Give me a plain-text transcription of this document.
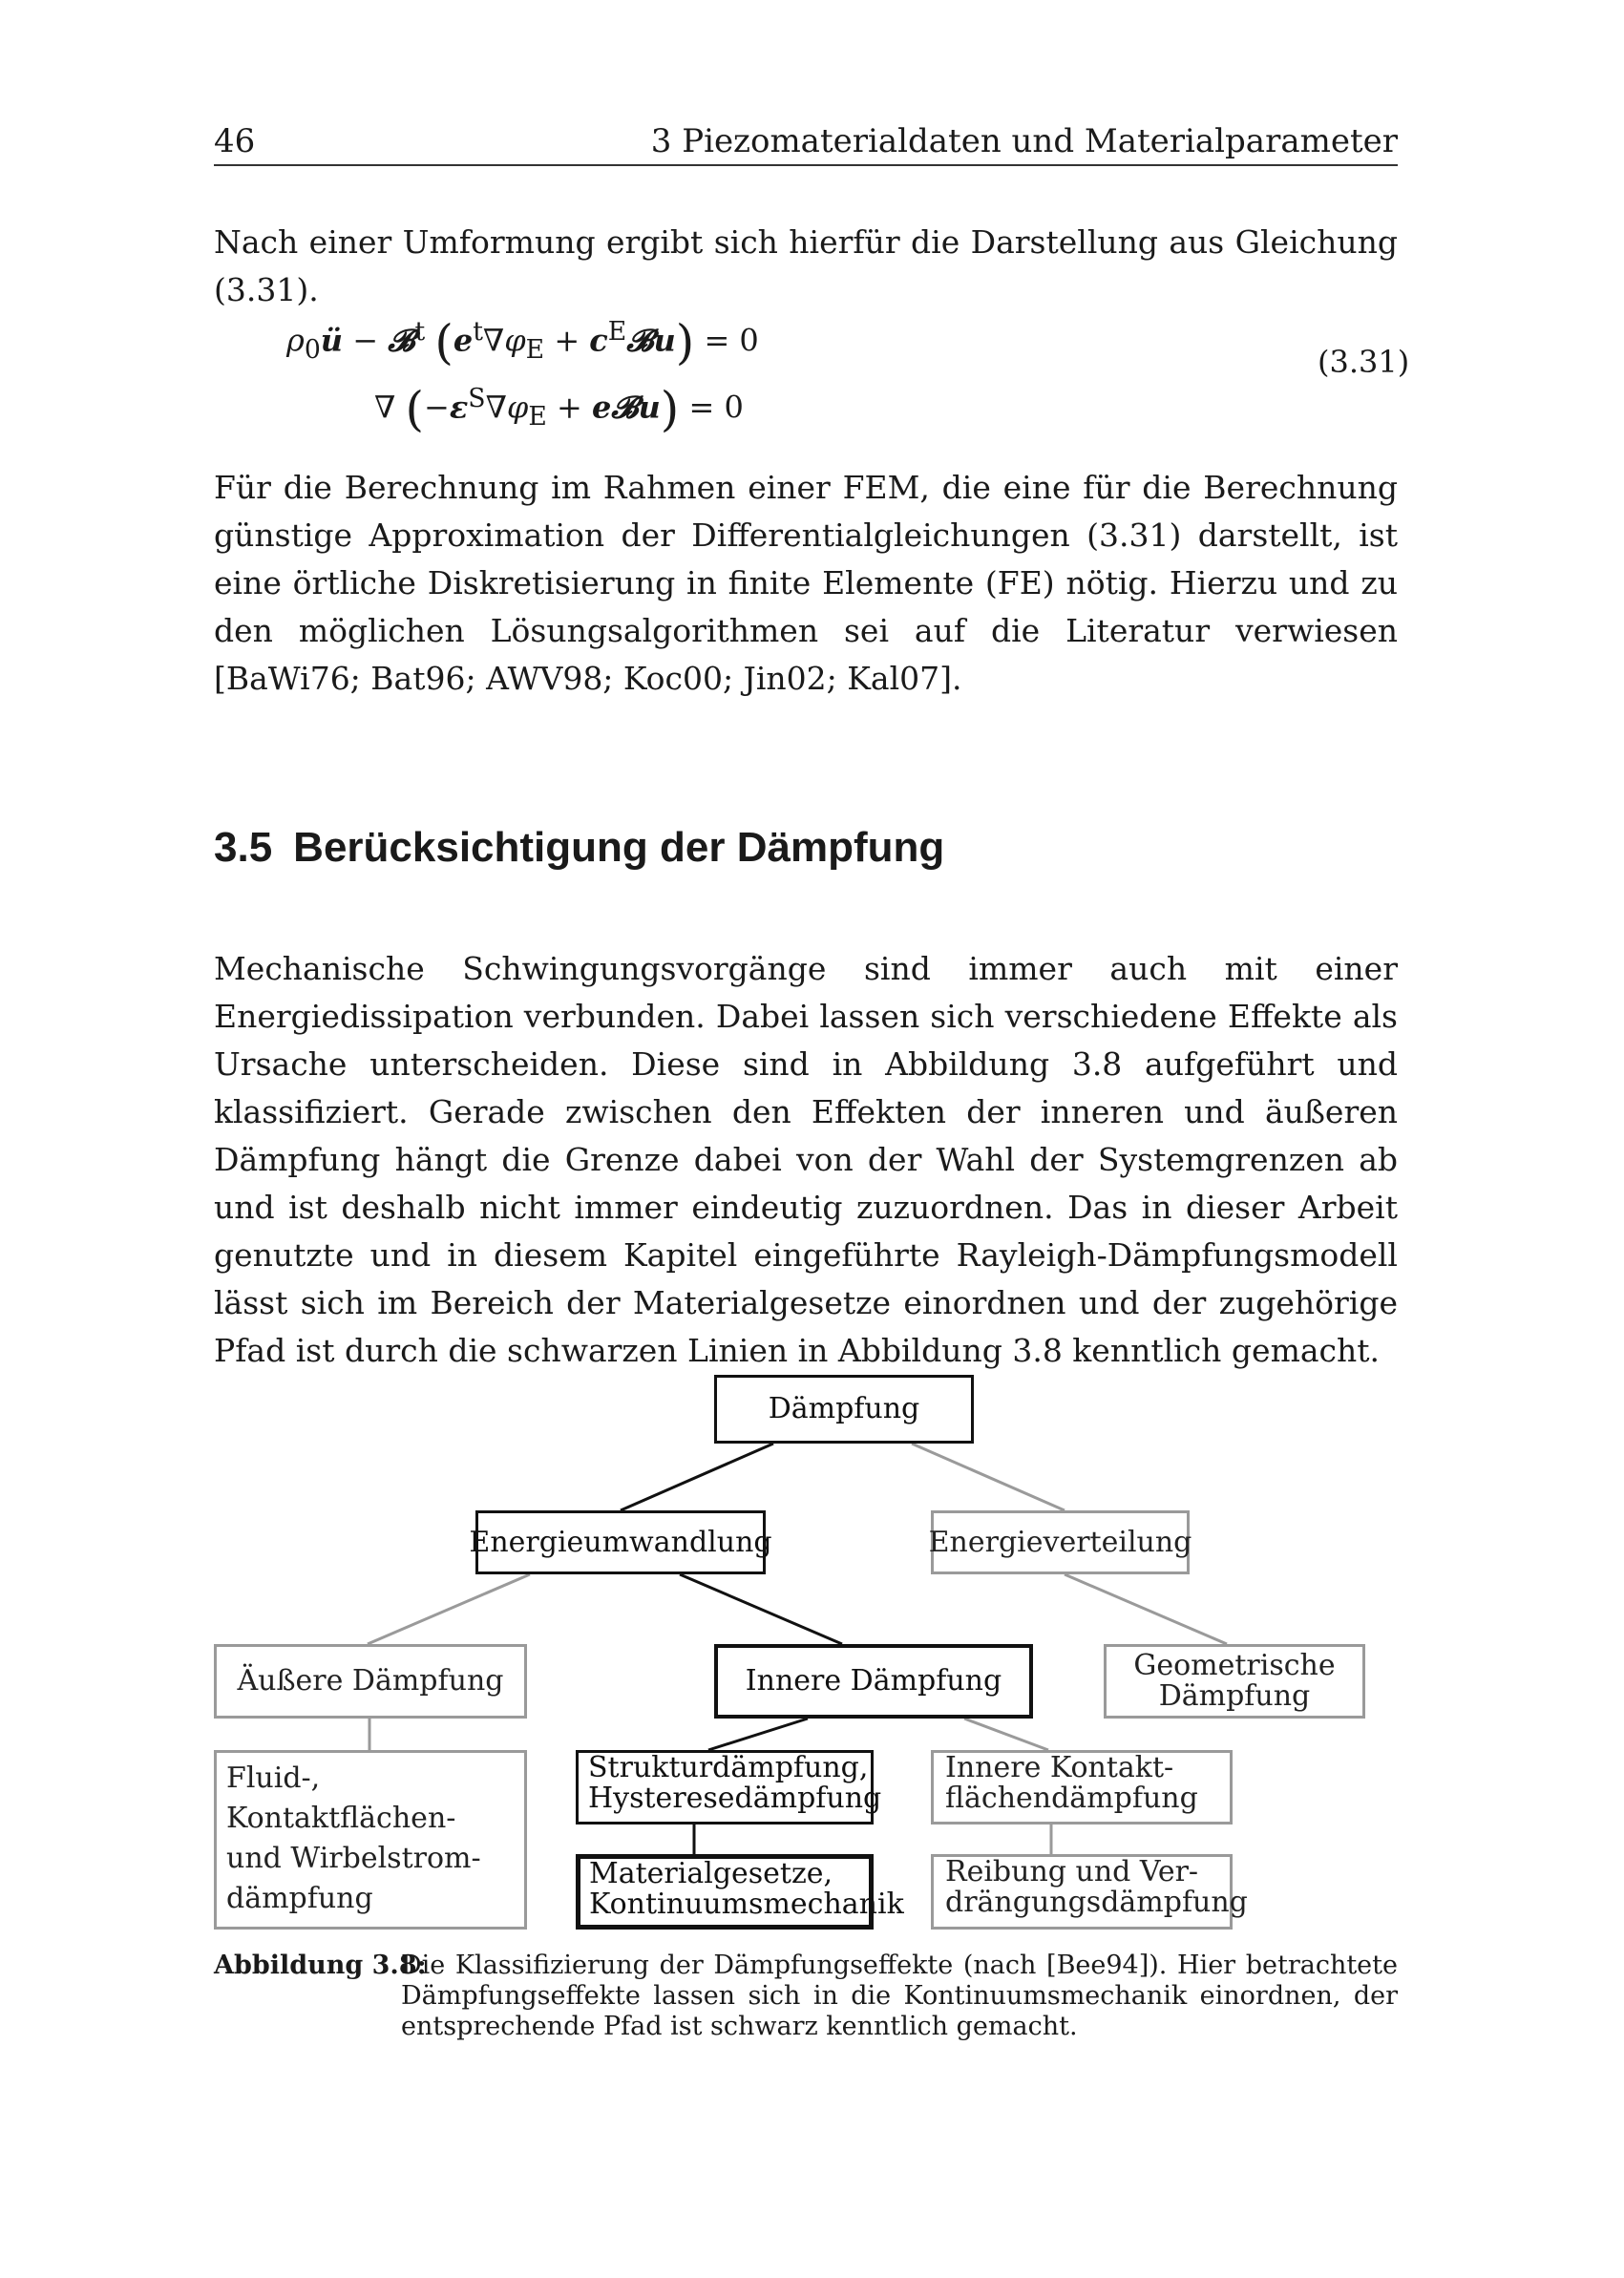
46	3 Piezomaterialdaten und Materialparameter
Nach einer Umformung ergibt sich hierfür die Darstellung aus Gleichung (3.31).
$\rho_0ü$ − 𝓑$^t$ ($e^t\nabla\varphi_E$ + $c^E𝓑u) = 0$
∇ ($-\varepsilon^S\nabla\varphi_E$ + e𝓑u) = 0
(3.31)
Für die Berechnung im Rahmen einer FEM, die eine für die Berechnung günstige Approximation der Differentialgleichungen (3.31) darstellt, ist eine örtliche Diskretisierung in finite Elemente (FE) nötig. Hierzu und zu den möglichen Lösungsalgorithmen sei auf die Literatur verwiesen [BaWi76; Bat96; AWV98; Koc00; Jin02; Kal07].
3.5 Berücksichtigung der Dämpfung
Mechanische Schwingungsvorgänge sind immer auch mit einer Energiedissipation verbunden. Dabei lassen sich verschiedene Effekte als Ursache unterscheiden. Diese sind in Abbildung 3.8 aufgeführt und klassifiziert. Gerade zwischen den Effekten der inneren und äußeren Dämpfung hängt die Grenze dabei von der Wahl der Systemgrenzen ab und ist deshalb nicht immer eindeutig zuzuordnen. Das in dieser Arbeit genutzte und in diesem Kapitel eingeführte Rayleigh-Dämpfungsmodell lässt sich im Bereich der Materialgesetze einordnen und der zugehörige Pfad ist durch die schwarzen Linien in Abbildung 3.8 kenntlich gemacht.
Dämpfung
Energieumwandlung	Energieverteilung
Äußere Dämpfung	Innere Dämpfung	Geometrische
Dämpfung
Fluid-, Kontaktflächen-
und Wirbelstrom-
dämpfung
Strukturdämpfung,
Hysteresedämpfung
Innere Kontakt-
flächendämpfung
Materialgesetze,
Kontinuumsmechanik
Reibung und Ver-
drängungsdämpfung
Abbildung 3.8:
Die Klassifizierung der Dämpfungseffekte (nach [Bee94]). Hier betrachtete Dämpfungseffekte lassen sich in die Kontinuumsmechanik einordnen, der entsprechende Pfad ist schwarz kenntlich gemacht.
